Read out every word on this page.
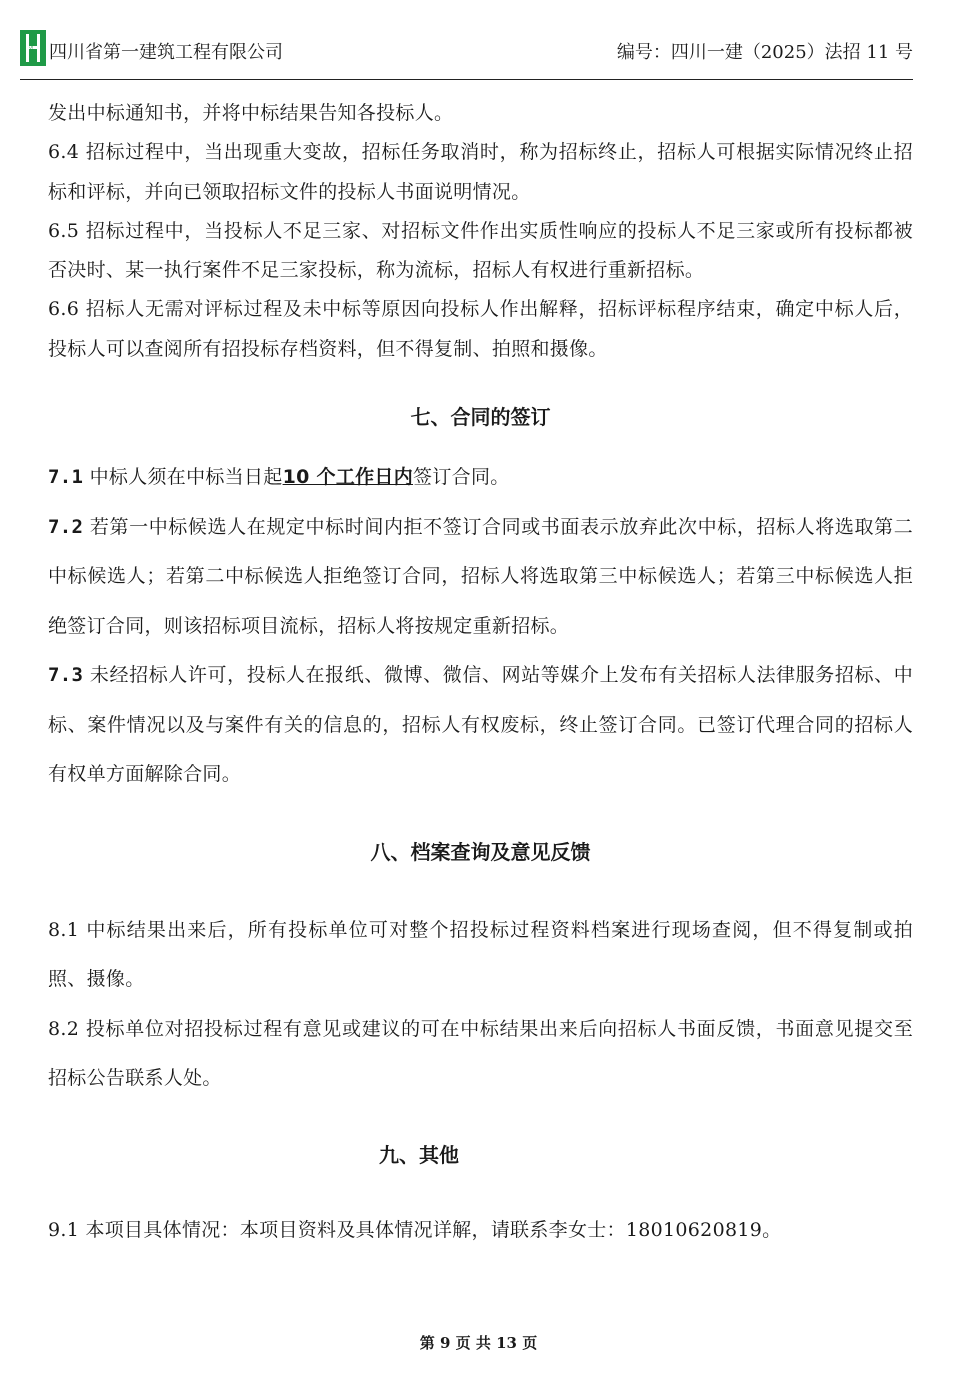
HUASHI 四川省第一建筑工程有限公司	编号：四川一建（2025）法招 11 号

发出中标通知书，并将中标结果告知各投标人。

6.4 招标过程中，当出现重大变故，招标任务取消时，称为招标终止，招标人可根据实际情况终止招标和评标，并向已领取招标文件的投标人书面说明情况。

6.5 招标过程中，当投标人不足三家、对招标文件作出实质性响应的投标人不足三家或所有投标都被否决时、某一执行案件不足三家投标，称为流标，招标人有权进行重新招标。

6.6 招标人无需对评标过程及未中标等原因向投标人作出解释，招标评标程序结束，确定中标人后，投标人可以查阅所有招投标存档资料，但不得复制、拍照和摄像。

七、合同的签订

7.1 中标人须在中标当日起10 个工作日内签订合同。

7.2 若第一中标候选人在规定中标时间内拒不签订合同或书面表示放弃此次中标，招标人将选取第二中标候选人；若第二中标候选人拒绝签订合同，招标人将选取第三中标候选人；若第三中标候选人拒绝签订合同，则该招标项目流标，招标人将按规定重新招标。

7.3 未经招标人许可，投标人在报纸、微博、微信、网站等媒介上发布有关招标人法律服务招标、中标、案件情况以及与案件有关的信息的，招标人有权废标，终止签订合同。已签订代理合同的招标人有权单方面解除合同。

八、档案查询及意见反馈

8.1 中标结果出来后，所有投标单位可对整个招投标过程资料档案进行现场查阅，但不得复制或拍照、摄像。

8.2 投标单位对招投标过程有意见或建议的可在中标结果出来后向招标人书面反馈，书面意见提交至招标公告联系人处。

九、其他

9.1 本项目具体情况：本项目资料及具体情况详解，请联系李女士：18010620819。

第 9 页 共 13 页
